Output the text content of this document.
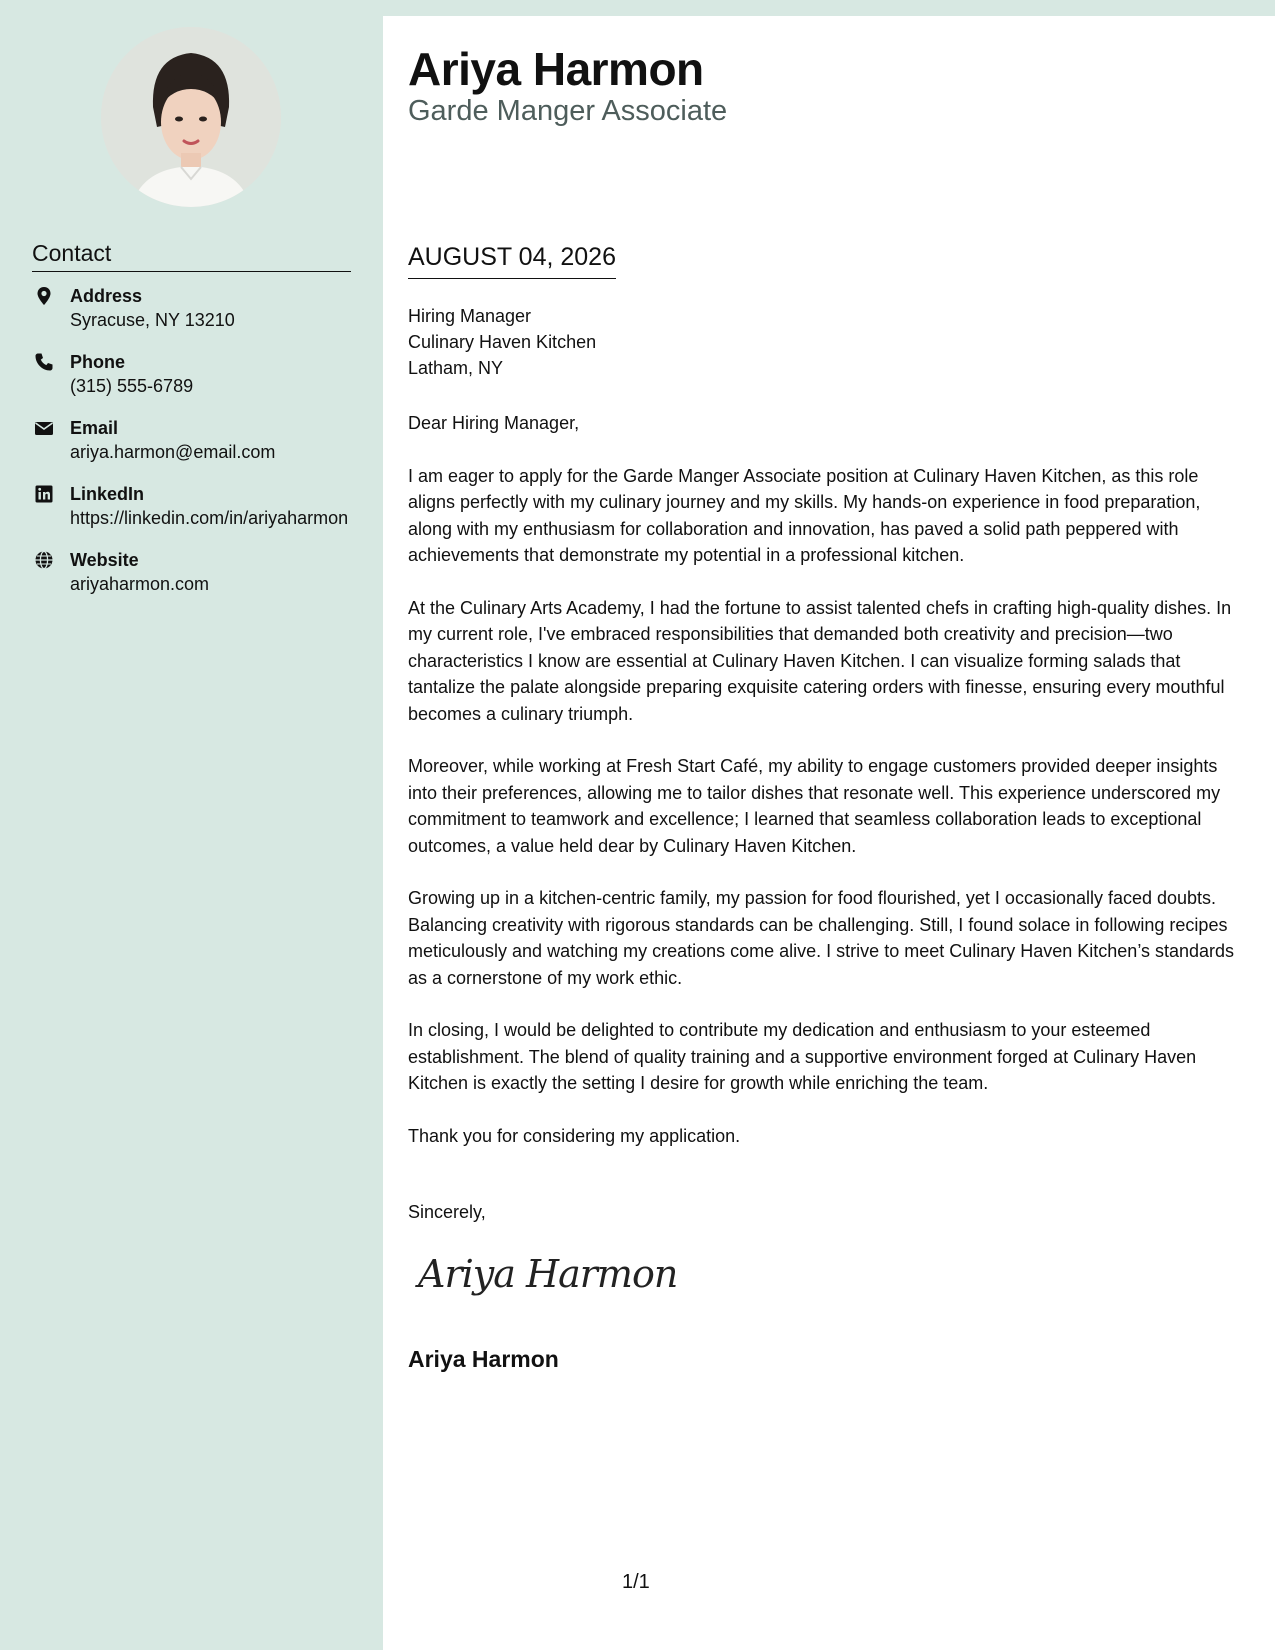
Contact
Address
Syracuse, NY 13210
Phone
(315) 555-6789
Email
ariya.harmon@email.com
LinkedIn
https://linkedin.com/in/ariyaharmon
Website
ariyaharmon.com
Ariya Harmon
Garde Manger Associate
AUGUST 04, 2026
Hiring Manager
Culinary Haven Kitchen
Latham, NY

Dear Hiring Manager,

I am eager to apply for the Garde Manger Associate position at Culinary Haven Kitchen, as this role aligns perfectly with my culinary journey and my skills. My hands-on experience in food preparation, along with my enthusiasm for collaboration and innovation, has paved a solid path peppered with achievements that demonstrate my potential in a professional kitchen.

At the Culinary Arts Academy, I had the fortune to assist talented chefs in crafting high-quality dishes. In my current role, I've embraced responsibilities that demanded both creativity and precision—two characteristics I know are essential at Culinary Haven Kitchen. I can visualize forming salads that tantalize the palate alongside preparing exquisite catering orders with finesse, ensuring every mouthful becomes a culinary triumph.

Moreover, while working at Fresh Start Café, my ability to engage customers provided deeper insights into their preferences, allowing me to tailor dishes that resonate well. This experience underscored my commitment to teamwork and excellence; I learned that seamless collaboration leads to exceptional outcomes, a value held dear by Culinary Haven Kitchen.

Growing up in a kitchen-centric family, my passion for food flourished, yet I occasionally faced doubts. Balancing creativity with rigorous standards can be challenging. Still, I found solace in following recipes meticulously and watching my creations come alive. I strive to meet Culinary Haven Kitchen’s standards as a cornerstone of my work ethic.

In closing, I would be delighted to contribute my dedication and enthusiasm to your esteemed establishment. The blend of quality training and a supportive environment forged at Culinary Haven Kitchen is exactly the setting I desire for growth while enriching the team.

Thank you for considering my application.

Sincerely,
Ariya Harmon
Ariya Harmon
1/1
